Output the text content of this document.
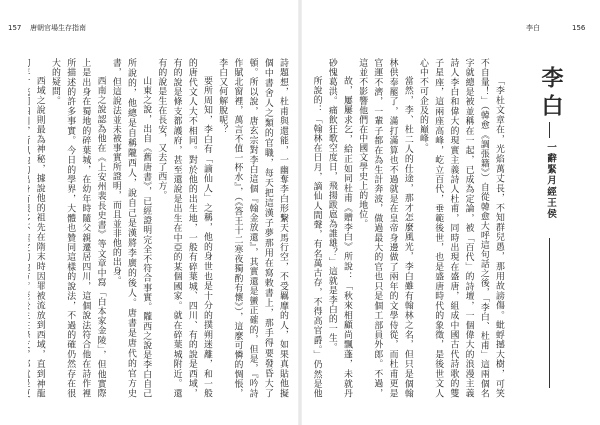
157 唐朝官場生存指南

詩題想，杜甫與還能，一幽奪李白形繫天馬行空，不受羈靡的人，如果真貼他擬個中書舍人之類的官職，每天把這漢子夢那用在寫敕書上，那手得要發昏大了頓。所以說，唐玄宗對李白這個『翰金放還』，其實還是蠻正確的，但是，『吟詩作賦北窗裡，萬言不值一杯水』，（《答王十二寒夜獨酌有懷》），這麼可憐的惆悵，李白又何解脫呢？

要所周知，李白有「謫仙人」之稱，他的身世也是十分的撲朔迷離，和一般的唐代文人大不相同。對於他的出生地，一般有碎葉城、四川、有的說是西域，有的說是條支都護府，甚至還說是出生在中亞的某個國家。就在碎葉城附近。還有的說是生在長安，又去了西方。

山東之說，出自《舊唐書》，已經證明完全不符合事實。隴西之說是李白自己所說的，他總是自稱隴西人，說自己是漢將李廣的後人。唐書是唐代的官方史書，但這說法並未被事實所證明，而且並非他的出身。

西南之說認為他在《上安州裴長史書》等文章中寫「白本家金陵」，但他實際上是出身在蜀地的碎葉城，在幼年時隨父親遷居四川，這個說法符合他在詩作裡所描述的許多事實。今日的學界，大體也贊同這樣的說法，不過的確仍然存在很大的疑問。

西域之說則最為神秘，據說他的祖先在隋末時因罪被流放到西域，直到神龍

李白	156

「李杜文章在，光焰萬丈長，不知群兒愚，那用故謗傷。蚍蜉撼大樹，可笑不自量！」（韓愈《調張籍》）自從韓愈大呼這句話之後，「李白、杜甫」這兩個名字就總是被並稱在一起，已成為定論，被「百代」的詩壇，一個偉大的浪漫主義詩人李白和偉大的現實主義詩人杜甫，同時出現在盛唐，組成中國古代詩歌的雙子星座，這兩座高峰，屹立百代，垂範後世，也是盛唐時代的象徵，是後世文人心中不可企及的巔峰。

當然，李、杜二人的仕途，那才怎麼風光，李白雖有翰林之名，但只是個翰林供奉罷了，滿打滿算也不過就是在皇帝身邊做了兩年的文學侍從，而杜甫更是官運不濟，一輩子都在為生計奔波，做過最大的官也只是個工部員外郎。不過，這並不影響他們在中國文學史上的地位。

故，屢屢求乞，給正如同杜甫《贈李白》所說：「秋來相顧尚飄蓬，未就丹砂愧葛洪。痛飲狂歌空度日，飛揚跋扈為誰雄？」這就是李白的一生。

所說的：「翰林在日月，謫仙人間聲，有名萬古存，不得高官爵。」仍然是他

李白
一辭緊月經王侯
